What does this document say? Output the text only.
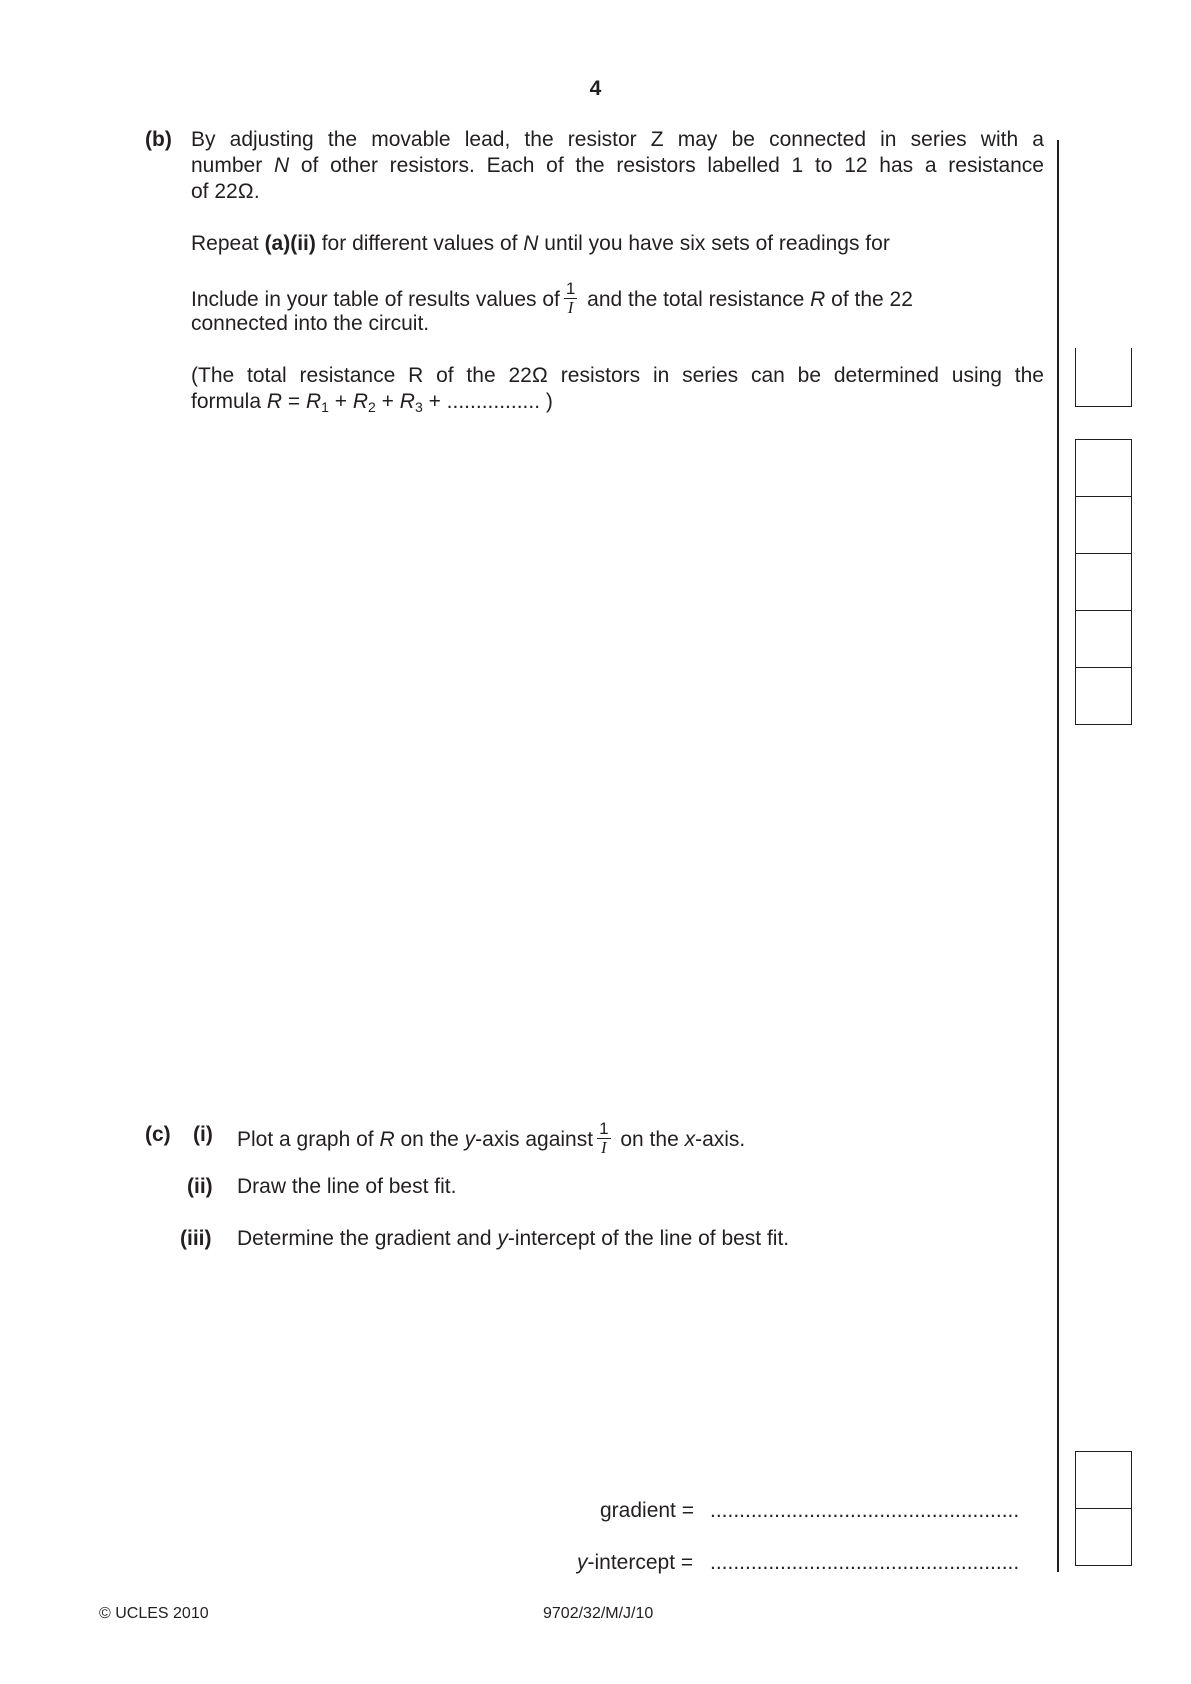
4
(b) By adjusting the movable lead, the resistor Z may be connected in series with a
number N of other resistors. Each of the resistors labelled 1 to 12 has a resistance
of 22Ω.
Repeat (a)(ii) for different values of N until you have six sets of readings for
Include in your table of results values of $\frac{1}{I}$ and the total resistance R of the 22
connected into the circuit.
(The total resistance R of the 22Ω resistors in series can be determined using the
formula $R = R_1 + R_2 + R_3$ + ................ )
(c) (i) Plot a graph of R on the y-axis against $\frac{1}{I}$ on the x-axis.
(ii) Draw the line of best fit.
(iii) Determine the gradient and y-intercept of the line of best fit.
gradient = .....................................................
y-intercept = .....................................................
© UCLES 2010	9702/32/M/J/10
